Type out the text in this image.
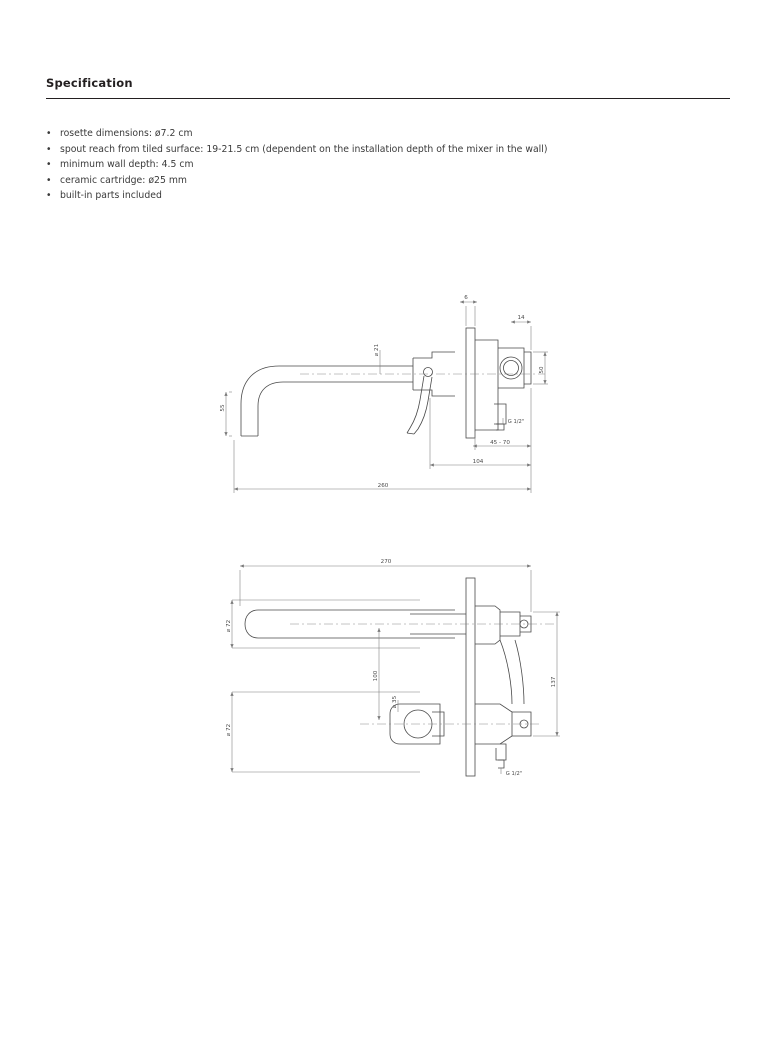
Specification
• rosette dimensions: ø7.2 cm
• spout reach from tiled surface: 19-21.5 cm (dependent on the installation depth of the mixer in the wall)
• minimum wall depth: 4.5 cm
• ceramic cartridge: ø25 mm
• built-in parts included
6
14
⌀ 21
50
55
G 1/2"
45 - 70
104
260
270
⌀ 72
⌀ 72
100
⌀ 35
137
G 1/2"
